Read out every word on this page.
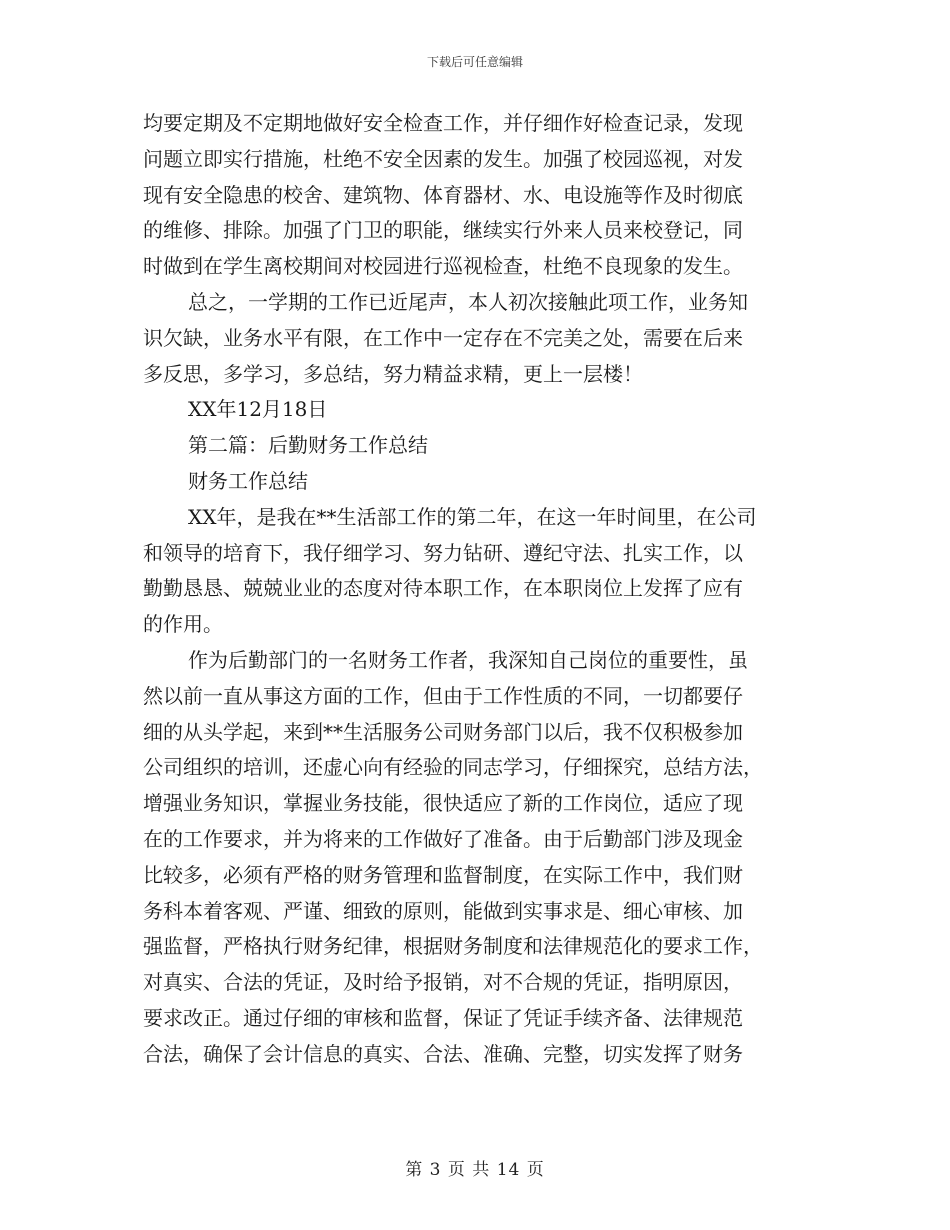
下载后可任意编辑
均要定期及不定期地做好安全检查工作，并仔细作好检查记录，发现
问题立即实行措施，杜绝不安全因素的发生。加强了校园巡视，对发
现有安全隐患的校舍、建筑物、体育器材、水、电设施等作及时彻底
的维修、排除。加强了门卫的职能，继续实行外来人员来校登记，同
时做到在学生离校期间对校园进行巡视检查，杜绝不良现象的发生。
总之，一学期的工作已近尾声，本人初次接触此项工作，业务知
识欠缺，业务水平有限，在工作中一定存在不完美之处，需要在后来
多反思，多学习，多总结，努力精益求精，更上一层楼！
XX年12月18日
第二篇：后勤财务工作总结
财务工作总结
XX年，是我在**生活部工作的第二年，在这一年时间里，在公司
和领导的培育下，我仔细学习、努力钻研、遵纪守法、扎实工作，以
勤勤恳恳、兢兢业业的态度对待本职工作，在本职岗位上发挥了应有
的作用。
作为后勤部门的一名财务工作者，我深知自己岗位的重要性，虽
然以前一直从事这方面的工作，但由于工作性质的不同，一切都要仔
细的从头学起，来到**生活服务公司财务部门以后，我不仅积极参加
公司组织的培训，还虚心向有经验的同志学习，仔细探究，总结方法，
增强业务知识，掌握业务技能，很快适应了新的工作岗位，适应了现
在的工作要求，并为将来的工作做好了准备。由于后勤部门涉及现金
比较多，必须有严格的财务管理和监督制度，在实际工作中，我们财
务科本着客观、严谨、细致的原则，能做到实事求是、细心审核、加
强监督，严格执行财务纪律，根据财务制度和法律规范化的要求工作，
对真实、合法的凭证，及时给予报销，对不合规的凭证，指明原因，
要求改正。通过仔细的审核和监督，保证了凭证手续齐备、法律规范
合法，确保了会计信息的真实、合法、准确、完整，切实发挥了财务
第 3 页 共 14 页
